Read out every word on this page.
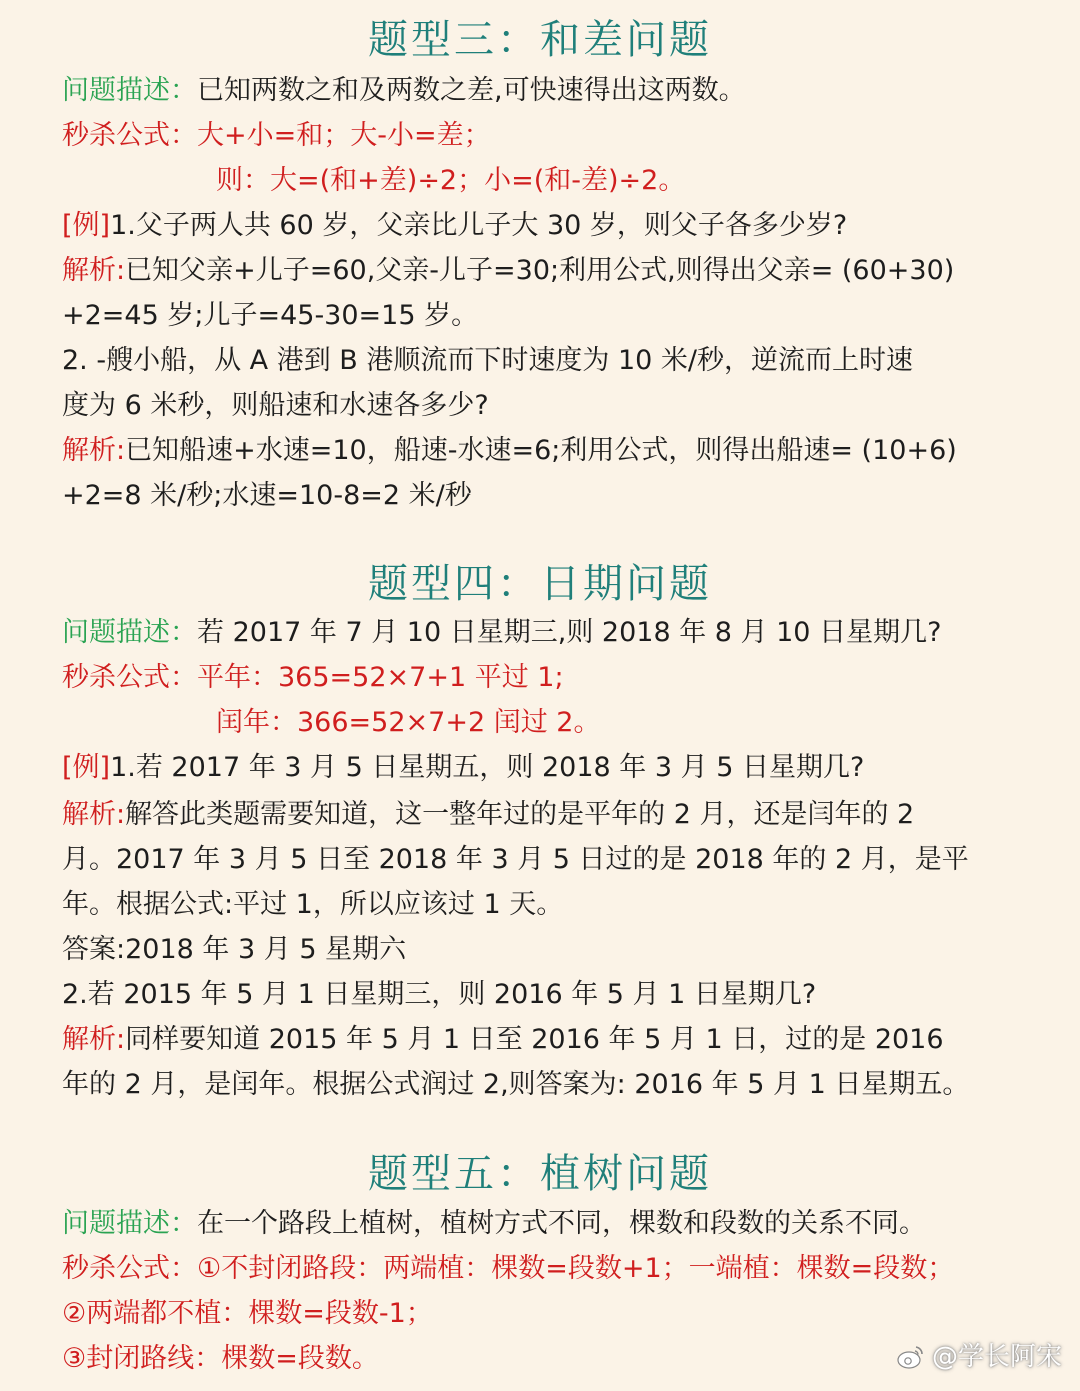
题型三：和差问题
问题描述：已知两数之和及两数之差,可快速得出这两数。
秒杀公式：大+小=和；大-小=差；
则：大=(和+差)÷2；小=(和-差)÷2。
[例]1.父子两人共 60 岁，父亲比儿子大 30 岁，则父子各多少岁?
解析:已知父亲+儿子=60,父亲-儿子=30;利用公式,则得出父亲= (60+30)
+2=45 岁;儿子=45-30=15 岁。
2. -艘小船，从 A 港到 B 港顺流而下时速度为 10 米/秒，逆流而上时速
度为 6 米秒，则船速和水速各多少?
解析:已知船速+水速=10，船速-水速=6;利用公式，则得出船速= (10+6)
+2=8 米/秒;水速=10-8=2 米/秒
题型四：日期问题
问题描述：若 2017 年 7 月 10 日星期三,则 2018 年 8 月 10 日星期几?
秒杀公式：平年：365=52×7+1 平过 1;
闰年：366=52×7+2 闰过 2。
[例]1.若 2017 年 3 月 5 日星期五，则 2018 年 3 月 5 日星期几?
解析:解答此类题需要知道，这一整年过的是平年的 2 月，还是闫年的 2
月。2017 年 3 月 5 日至 2018 年 3 月 5 日过的是 2018 年的 2 月，是平
年。根据公式:平过 1，所以应该过 1 天。
答案:2018 年 3 月 5 星期六
2.若 2015 年 5 月 1 日星期三，则 2016 年 5 月 1 日星期几?
解析:同样要知道 2015 年 5 月 1 日至 2016 年 5 月 1 日，过的是 2016
年的 2 月，是闰年。根据公式润过 2,则答案为: 2016 年 5 月 1 日星期五。
题型五：植树问题
问题描述：在一个路段上植树，植树方式不同，棵数和段数的关系不同。
秒杀公式：①不封闭路段：两端植：棵数=段数+1；一端植：棵数=段数；
②两端都不植：棵数=段数-1；
③封闭路线：棵数=段数。	@学长阿宋
